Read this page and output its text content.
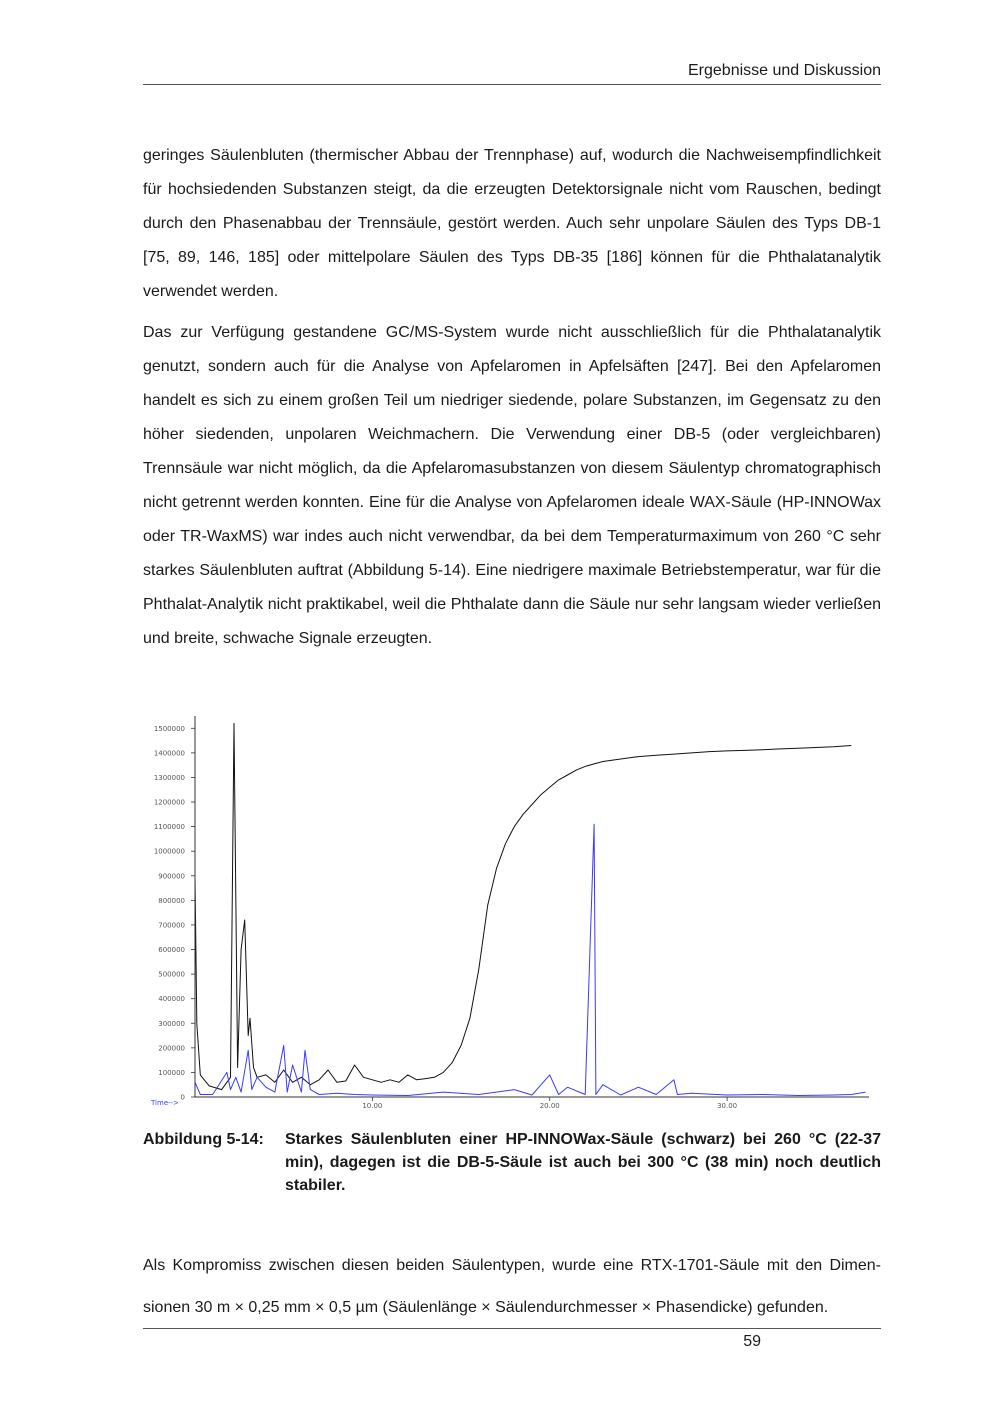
Ergebnisse und Diskussion

geringes Säulenbluten (thermischer Abbau der Trennphase) auf, wodurch die Nachweisempfindlichkeit für hochsiedenden Substanzen steigt, da die erzeugten Detektorsignale nicht vom Rauschen, bedingt durch den Phasenabbau der Trennsäule, gestört werden. Auch sehr unpolare Säulen des Typs DB-1 [75, 89, 146, 185] oder mittelpolare Säulen des Typs DB-35 [186] können für die Phthalatanalytik verwendet werden.

Das zur Verfügung gestandene GC/MS-System wurde nicht ausschließlich für die Phthalatanalytik genutzt, sondern auch für die Analyse von Apfelaromen in Apfelsäften [247]. Bei den Apfelaromen handelt es sich zu einem großen Teil um niedriger siedende, polare Substanzen, im Gegensatz zu den höher siedenden, unpolaren Weichmachern. Die Verwendung einer DB-5 (oder vergleichbaren) Trennsäule war nicht möglich, da die Apfelaromasubstanzen von diesem Säulentyp chromatographisch nicht getrennt werden konnten. Eine für die Analyse von Apfelaromen ideale WAX-Säule (HP-INNOWax oder TR-WaxMS) war indes auch nicht verwendbar, da bei dem Temperaturmaximum von 260 °C sehr starkes Säulenbluten auftrat (Abbildung 5-14). Eine niedrigere maximale Betriebstemperatur, war für die Phthalat-Analytik nicht praktikabel, weil die Phthalate dann die Säule nur sehr langsam wieder verließen und breite, schwache Signale erzeugten.

0
100000
200000
300000
400000
500000
600000
700000
800000
900000
1000000
1100000
1200000
1300000
1400000
1500000
10.00	20.00	30.00
Time-->
Abbildung 5-14:	Starkes Säulenbluten einer HP-INNOWax-Säule (schwarz) bei 260 °C (22-37 min), dagegen ist die DB-5-Säule ist auch bei 300 °C (38 min) noch deutlich stabiler.

Als Kompromiss zwischen diesen beiden Säulentypen, wurde eine RTX-1701-Säule mit den Dimensionen 30 m × 0,25 mm × 0,5 µm (Säulenlänge × Säulendurchmesser × Phasendicke) gefunden.

59
